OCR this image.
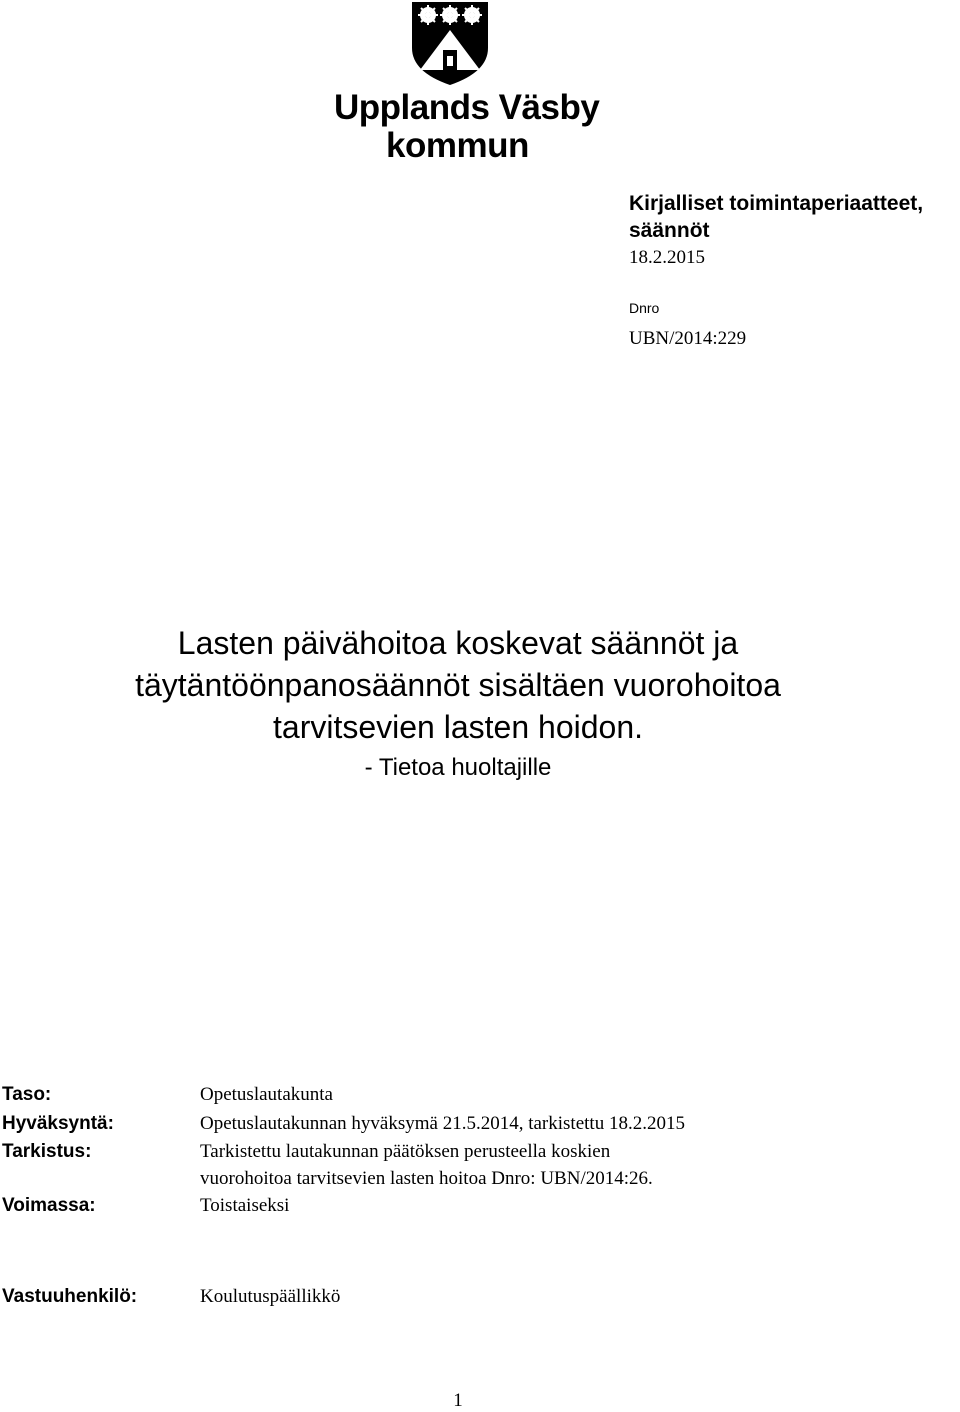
Upplands Väsby
kommun
Kirjalliset toimintaperiaatteet,
säännöt
18.2.2015
Dnro
UBN/2014:229
Lasten päivähoitoa koskevat säännöt ja
täytäntöönpanosäännöt sisältäen vuorohoitoa
tarvitsevien lasten hoidon.
- Tietoa huoltajille
Taso:	Opetuslautakunta
Hyväksyntä:	Opetuslautakunnan hyväksymä 21.5.2014, tarkistettu 18.2.2015
Tarkistus:	Tarkistettu lautakunnan päätöksen perusteella koskien
vuorohoitoa tarvitsevien lasten hoitoa Dnro: UBN/2014:26.
Voimassa:	Toistaiseksi
Vastuuhenkilö:	Koulutuspäällikkö
1
